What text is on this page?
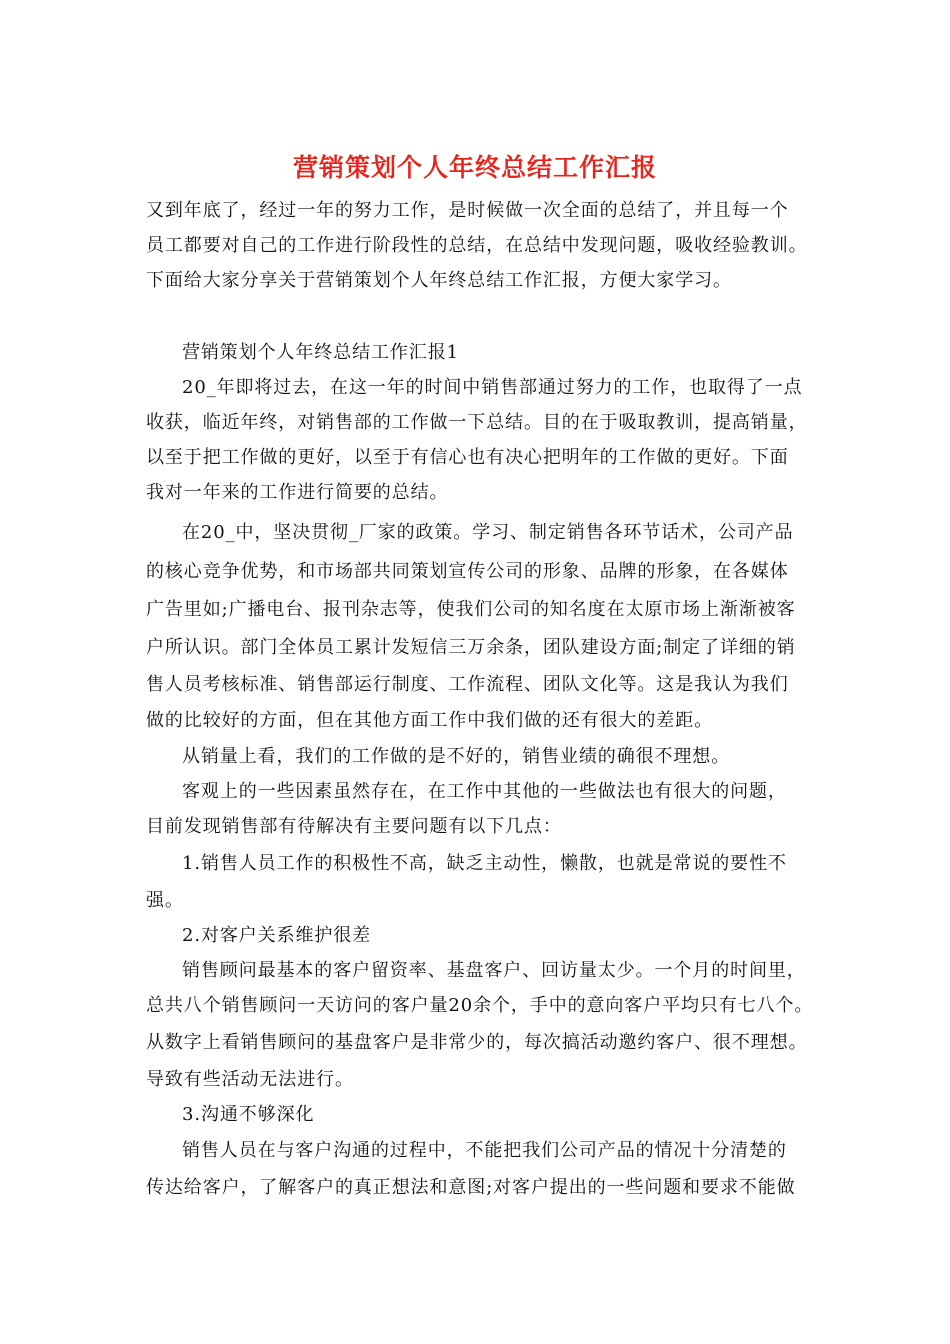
营销策划个人年终总结工作汇报
又到年底了，经过一年的努力工作，是时候做一次全面的总结了，并且每一个
员工都要对自己的工作进行阶段性的总结，在总结中发现问题，吸收经验教训。
下面给大家分享关于营销策划个人年终总结工作汇报，方便大家学习。
营销策划个人年终总结工作汇报1
20_年即将过去，在这一年的时间中销售部通过努力的工作，也取得了一点
收获，临近年终，对销售部的工作做一下总结。目的在于吸取教训，提高销量，
以至于把工作做的更好，以至于有信心也有决心把明年的工作做的更好。下面
我对一年来的工作进行简要的总结。
在20_中，坚决贯彻_厂家的政策。学习、制定销售各环节话术，公司产品
的核心竞争优势，和市场部共同策划宣传公司的形象、品牌的形象，在各媒体
广告里如;广播电台、报刊杂志等，使我们公司的知名度在太原市场上渐渐被客
户所认识。部门全体员工累计发短信三万余条，团队建设方面;制定了详细的销
售人员考核标准、销售部运行制度、工作流程、团队文化等。这是我认为我们
做的比较好的方面，但在其他方面工作中我们做的还有很大的差距。
从销量上看，我们的工作做的是不好的，销售业绩的确很不理想。
客观上的一些因素虽然存在，在工作中其他的一些做法也有很大的问题，
目前发现销售部有待解决有主要问题有以下几点：
1.销售人员工作的积极性不高，缺乏主动性，懒散，也就是常说的要性不
强。
2.对客户关系维护很差
销售顾问最基本的客户留资率、基盘客户、回访量太少。一个月的时间里，
总共八个销售顾问一天访问的客户量20余个，手中的意向客户平均只有七八个。
从数字上看销售顾问的基盘客户是非常少的，每次搞活动邀约客户、很不理想。
导致有些活动无法进行。
3.沟通不够深化
销售人员在与客户沟通的过程中，不能把我们公司产品的情况十分清楚的
传达给客户，了解客户的真正想法和意图;对客户提出的一些问题和要求不能做
